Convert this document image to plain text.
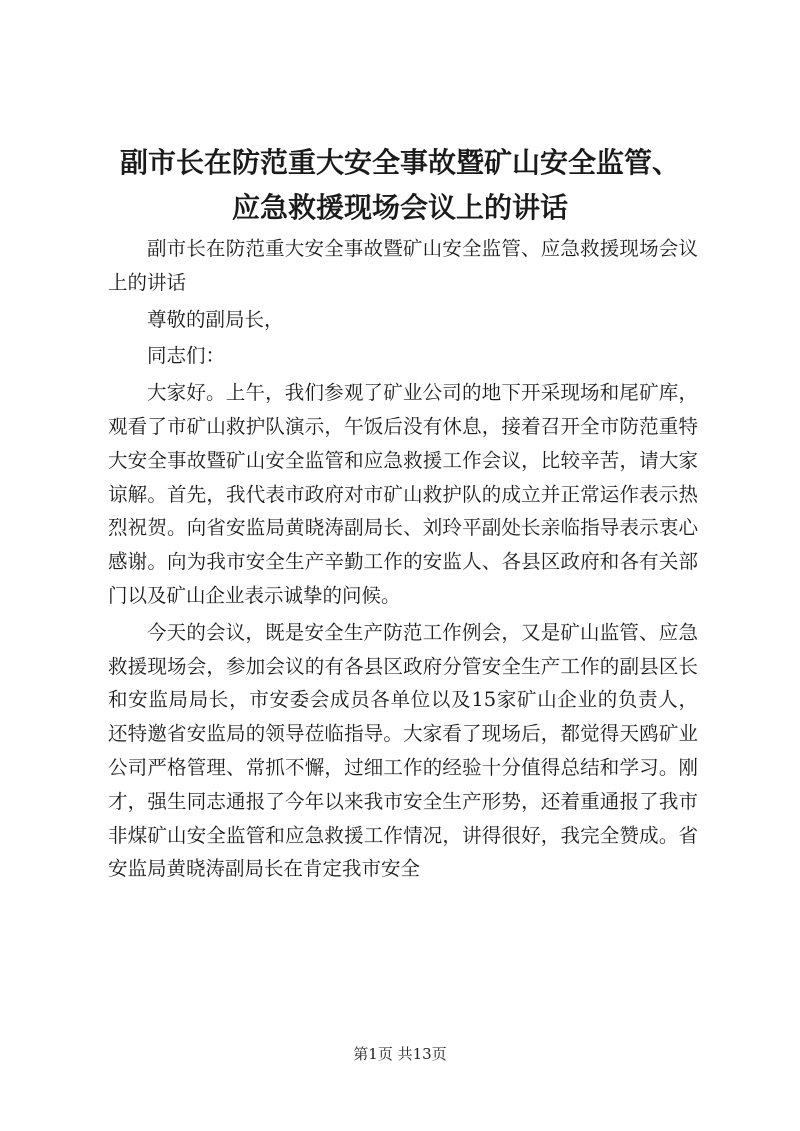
副市长在防范重大安全事故暨矿山安全监管、
应急救援现场会议上的讲话

副市长在防范重大安全事故暨矿山安全监管、应急救援现场会议上的讲话

尊敬的副局长，

同志们：

大家好。上午，我们参观了矿业公司的地下开采现场和尾矿库，观看了市矿山救护队演示，午饭后没有休息，接着召开全市防范重特大安全事故暨矿山安全监管和应急救援工作会议，比较辛苦，请大家谅解。首先，我代表市政府对市矿山救护队的成立并正常运作表示热烈祝贺。向省安监局黄晓涛副局长、刘玲平副处长亲临指导表示衷心感谢。向为我市安全生产辛勤工作的安监人、各县区政府和各有关部门以及矿山企业表示诚挚的问候。

今天的会议，既是安全生产防范工作例会，又是矿山监管、应急救援现场会，参加会议的有各县区政府分管安全生产工作的副县区长和安监局局长，市安委会成员各单位以及15家矿山企业的负责人，还特邀省安监局的领导莅临指导。大家看了现场后，都觉得天鸥矿业公司严格管理、常抓不懈，过细工作的经验十分值得总结和学习。刚才，强生同志通报了今年以来我市安全生产形势，还着重通报了我市非煤矿山安全监管和应急救援工作情况，讲得很好，我完全赞成。省安监局黄晓涛副局长在肯定我市安全

第1页 共13页
